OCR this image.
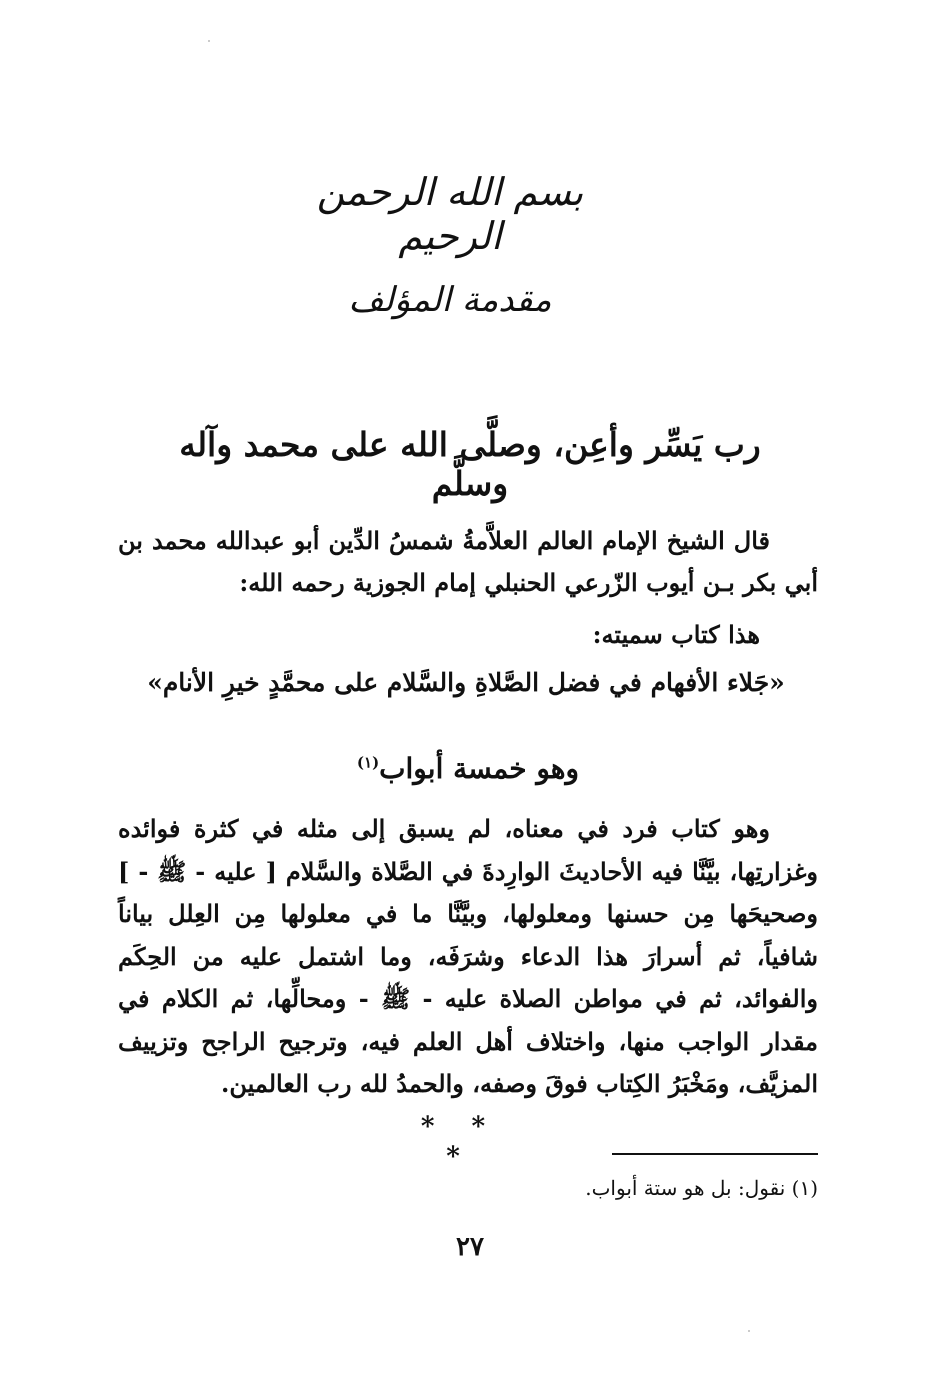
بسم الله الرحمن الرحيم
مقدمة المؤلف
رب يَسِّر وأعِن، وصلَّى الله على محمد وآله وسلَّم
قال الشيخ الإمام العالم العلاَّمةُ شمسُ الدِّين أبو عبدالله محمد بن أبي بكر بـن أيوب الزّرعي الحنبلي إمام الجوزية رحمه الله:
هذا كتاب سميته:
«جَلاء الأفهام في فضل الصَّلاةِ والسَّلام على محمَّدٍ خيرِ الأنام»
وهو خمسة أبواب$^{(١)}$
وهو كتاب فرد في معناه، لم يسبق إلى مثله في كثرة فوائده وغزارتِها، بيَّنَّا فيه الأحاديثَ الوارِدةَ في الصَّلاة والسَّلام [ عليه - ﷺ - ] وصحيحَها مِن حسنها ومعلولها، وبيَّنَّا ما في معلولها مِن العِلل بياناً شافياً، ثم أسرارَ هذا الدعاء وشرَفَه، وما اشتمل عليه من الحِكَم والفوائد، ثم في مواطن الصلاة عليه - ﷺ - ومحالِّها، ثم الكلام في مقدار الواجب منها، واختلاف أهل العلم فيه، وترجيح الراجح وتزييف المزيَّف، ومَخْبَرُ الكِتاب فوقَ وصفه، والحمدُ لله رب العالمين.
* * *
(١) نقول: بل هو ستة أبواب.
٢٧
